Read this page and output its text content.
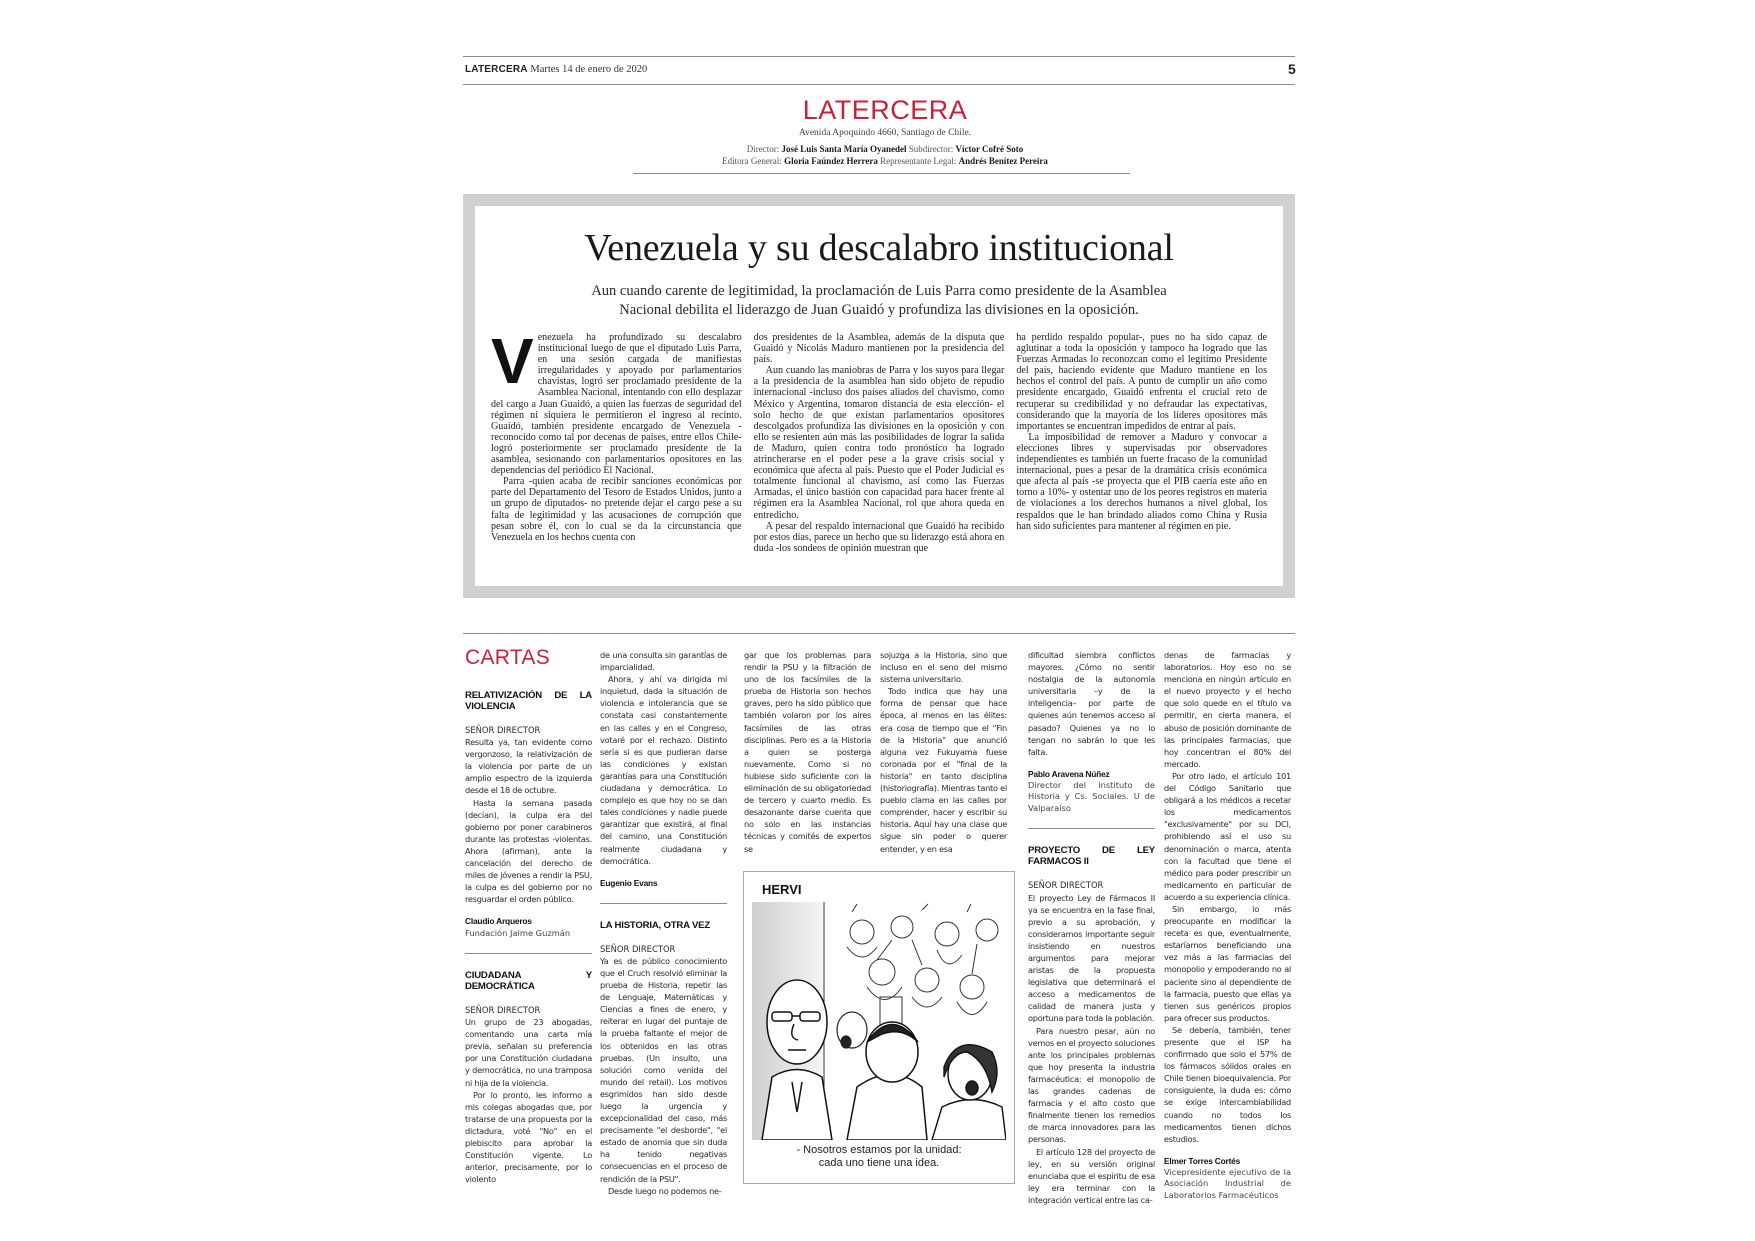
LATERCERA Martes 14 de enero de 2020	5
LATERCERA
Avenida Apoquindo 4660, Santiago de Chile.
Director: José Luis Santa María Oyanedel Subdirector: Víctor Cofré Soto
Editora General: Gloria Faúndez Herrera Representante Legal: Andrés Benítez Pereira
Venezuela y su descalabro institucional
Aun cuando carente de legitimidad, la proclamación de Luis Parra como presidente de la Asamblea Nacional debilita el liderazgo de Juan Guaidó y profundiza las divisiones en la oposición.
V enezuela ha profundizado su descalabro institucional luego de que el diputado Luis Parra, en una sesión cargada de manifiestas irregularidades y apoyado por parlamentarios chavistas, logró ser proclamado presidente de la Asamblea Nacional, intentando con ello desplazar del cargo a Juan Guaidó, a quien las fuerzas de seguridad del régimen ni siquiera le permitieron el ingreso al recinto. Guaidó, también presidente encargado de Venezuela -reconocido como tal por decenas de países, entre ellos Chile- logró posteriormente ser proclamado presidente de la asamblea, sesionando con parlamentarios opositores en las dependencias del periódico El Nacional.

Parra -quien acaba de recibir sanciones económicas por parte del Departamento del Tesoro de Estados Unidos, junto a un grupo de diputados- no pretende dejar el cargo pese a su falta de legitimidad y las acusaciones de corrupción que pesan sobre él, con lo cual se da la circunstancia que Venezuela en los hechos cuenta con

dos presidentes de la Asamblea, además de la disputa que Guaidó y Nicolás Maduro mantienen por la presidencia del país.

Aun cuando las maniobras de Parra y los suyos para llegar a la presidencia de la asamblea han sido objeto de repudio internacional -incluso dos países aliados del chavismo, como México y Argentina, tomaron distancia de esta elección- el solo hecho de que existan parlamentarios opositores descolgados profundiza las divisiones en la oposición y con ello se resienten aún más las posibilidades de lograr la salida de Maduro, quien contra todo pronóstico ha logrado atrincherarse en el poder pese a la grave crisis social y económica que afecta al país. Puesto que el Poder Judicial es totalmente funcional al chavismo, así como las Fuerzas Armadas, el único bastión con capacidad para hacer frente al régimen era la Asamblea Nacional, rol que ahora queda en entredicho.

A pesar del respaldo internacional que Guaidó ha recibido por estos días, parece un hecho que su liderazgo está ahora en duda -los sondeos de opinión muestran que

ha perdido respaldo popular-, pues no ha sido capaz de aglutinar a toda la oposición y tampoco ha logrado que las Fuerzas Armadas lo reconozcan como el legítimo Presidente del país, haciendo evidente que Maduro mantiene en los hechos el control del país. A punto de cumplir un año como presidente encargado, Guaidó enfrenta el crucial reto de recuperar su credibilidad y no defraudar las expectativas, considerando que la mayoría de los líderes opositores más importantes se encuentran impedidos de entrar al país.

La imposibilidad de remover a Maduro y convocar a elecciones libres y supervisadas por observadores independientes es también un fuerte fracaso de la comunidad internacional, pues a pesar de la dramática crisis económica que afecta al país -se proyecta que el PIB caería este año en torno a 10%- y ostentar uno de los peores registros en materia de violaciones a los derechos humanos a nivel global, los respaldos que le han brindado aliados como China y Rusia han sido suficientes para mantener al régimen en pie.

CARTAS
RELATIVIZACIÓN DE LA VIOLENCIA

SEÑOR DIRECTOR

Resulta ya, tan evidente como vergonzoso, la relativización de la violencia por parte de un amplio espectro de la izquierda desde el 18 de octubre.

Hasta la semana pasada (decían), la culpa era del gobierno por poner carabineros durante las protestas -violentas. Ahora (afirman), ante la cancelación del derecho de miles de jóvenes a rendir la PSU, la culpa es del gobierno por no resguardar el orden público.

Claudio Arqueros
Fundación Jaime Guzmán
CIUDADANA Y DEMOCRÁTICA

SEÑOR DIRECTOR

Un grupo de 23 abogadas, comentando una carta mía previa, señalan su preferencia por una Constitución ciudadana y democrática, no una tramposa ni hija de la violencia.

Por lo pronto, les informo a mis colegas abogadas que, por tratarse de una propuesta por la dictadura, voté "No" en el plebiscito para aprobar la Constitución vigente. Lo anterior, precisamente, por lo violento

de una consulta sin garantías de imparcialidad.

Ahora, y ahí va dirigida mi inquietud, dada la situación de violencia e intolerancia que se constata casi constantemente en las calles y en el Congreso, votaré por el rechazo. Distinto sería si es que pudieran darse las condiciones y existan garantías para una Constitución ciudadana y democrática. Lo complejo es que hoy no se dan tales condiciones y nadie puede garantizar que existirá, al final del camino, una Constitución realmente ciudadana y democrática.

Eugenio Evans
LA HISTORIA, OTRA VEZ

SEÑOR DIRECTOR

Ya es de público conocimiento que el Cruch resolvió eliminar la prueba de Historia, repetir las de Lenguaje, Matemáticas y Ciencias a fines de enero, y reiterar en lugar del puntaje de la prueba faltante el mejor de los obtenidos en las otras pruebas. (Un insulto, una solución como venida del mundo del retail). Los motivos esgrimidos han sido desde luego la urgencia y excepcionalidad del caso, más precisamente "el desborde", "el estado de anomia que sin duda ha tenido negativas consecuencias en el proceso de rendición de la PSU".

Desde luego no podemos ne-

gar que los problemas para rendir la PSU y la filtración de uno de los facsímiles de la prueba de Historia son hechos graves, pero ha sido público que también volaron por los aires facsímiles de las otras disciplinas. Pero es a la Historia a quien se posterga nuevamente. Como si no hubiese sido suficiente con la eliminación de su obligatoriedad de tercero y cuarto medio. Es desazonante darse cuenta que no solo en las instancias técnicas y comités de expertos se

sojuzga a la Historia, sino que incluso en el seno del mismo sistema universitario.

Todo indica que hay una forma de pensar que hace época, al menos en las élites: era cosa de tiempo que el "Fin de la Historia" que anunció alguna vez Fukuyama fuese coronada por el "final de la historia" en tanto disciplina (historiografía). Mientras tanto el pueblo clama en las calles por comprender, hacer y escribir su historia. Aquí hay una clase que sigue sin poder o querer entender, y en esa

dificultad siembra conflictos mayores. ¿Cómo no sentir nostalgia de la autonomía universitaria –y de la inteligencia– por parte de quienes aún tenemos acceso al pasado? Quienes ya no lo tengan no sabrán lo que les falta.

Pablo Aravena Núñez
Director del Instituto de Historia y Cs. Sociales. U de Valparaíso
PROYECTO DE LEY FARMACOS II

SEÑOR DIRECTOR

El proyecto Ley de Fármacos II ya se encuentra en la fase final, previo a su aprobación, y consideramos importante seguir insistiendo en nuestros argumentos para mejorar aristas de la propuesta legislativa que determinará el acceso a medicamentos de calidad de manera justa y oportuna para toda la población.

Para nuestro pesar, aún no vemos en el proyecto soluciones ante los principales problemas que hoy presenta la industria farmacéutica: el monopolio de las grandes cadenas de farmacia y el alto costo que finalmente tienen los remedios de marca innovadores para las personas.

El artículo 128 del proyecto de ley, en su versión original enunciaba que el espíritu de esa ley era terminar con la integración vertical entre las ca-

denas de farmacias y laboratorios. Hoy eso no se menciona en ningún artículo en el nuevo proyecto y el hecho que solo quede en el título va permitir, en cierta manera, el abuso de posición dominante de las principales farmacias, que hoy concentran el 80% del mercado.

Por otro lado, el artículo 101 del Código Sanitario que obligará a los médicos a recetar los medicamentos "exclusivamente" por su DCI, prohibiendo así el uso su denominación o marca, atenta con la facultad que tiene el médico para poder prescribir un medicamento en particular de acuerdo a su experiencia clínica.

Sin embargo, lo más preocupante en modificar la receta es que, eventualmente, estaríamos beneficiando una vez más a las farmacias del monopolio y empoderando no al paciente sino al dependiente de la farmacia, puesto que ellas ya tienen sus genéricos propios para ofrecer sus productos.

Se debería, también, tener presente que el ISP ha confirmado que solo el 57% de los fármacos sólidos orales en Chile tienen bioequivalencia. Por consiguiente, la duda es: cómo se exige intercambiabilidad cuando no todos los medicamentos tienen dichos estudios.

Elmer Torres Cortés
Vicepresidente ejecutivo de la Asociación Industrial de Laboratorios Farmacéuticos
HERVI
- Nosotros estamos por la unidad:
cada uno tiene una idea.
